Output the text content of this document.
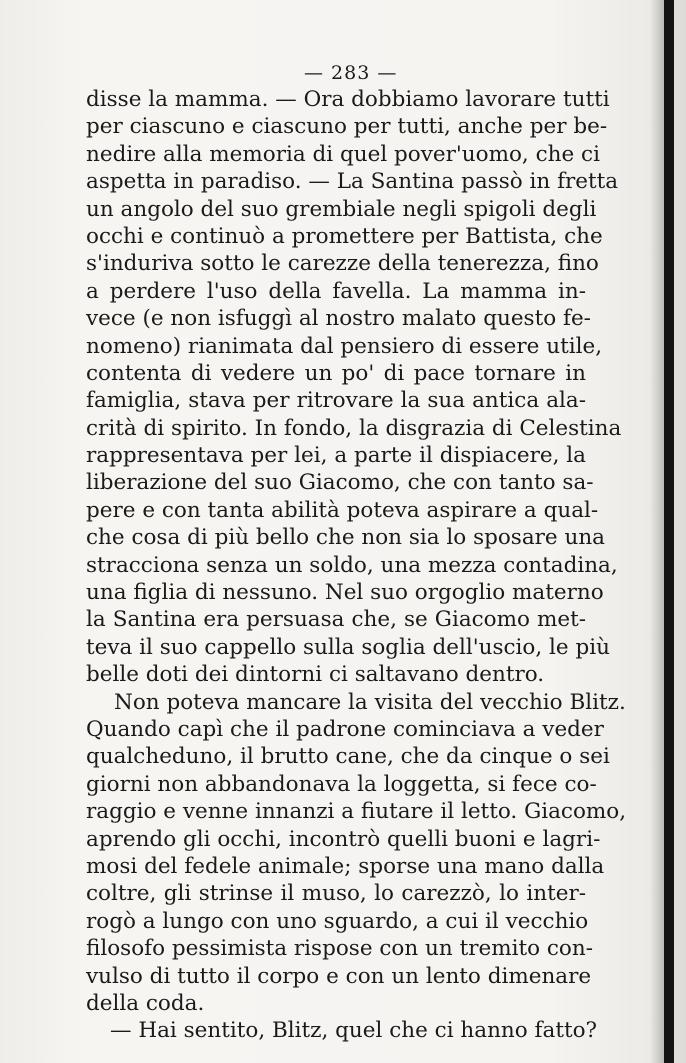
— 283 —
disse la mamma. — Ora dobbiamo lavorare tutti
per ciascuno e ciascuno per tutti, anche per be-
nedire alla memoria di quel pover'uomo, che ci
aspetta in paradiso. — La Santina passò in fretta
un angolo del suo grembiale negli spigoli degli
occhi e continuò a promettere per Battista, che
s'induriva sotto le carezze della tenerezza, fino
a perdere l'uso della favella. La mamma in-
vece (e non isfuggì al nostro malato questo fe-
nomeno) rianimata dal pensiero di essere utile,
contenta di vedere un po' di pace tornare in
famiglia, stava per ritrovare la sua antica ala-
crità di spirito. In fondo, la disgrazia di Celestina
rappresentava per lei, a parte il dispiacere, la
liberazione del suo Giacomo, che con tanto sa-
pere e con tanta abilità poteva aspirare a qual-
che cosa di più bello che non sia lo sposare una
stracciona senza un soldo, una mezza contadina,
una figlia di nessuno. Nel suo orgoglio materno
la Santina era persuasa che, se Giacomo met-
teva il suo cappello sulla soglia dell'uscio, le più
belle doti dei dintorni ci saltavano dentro.
Non poteva mancare la visita del vecchio Blitz.
Quando capì che il padrone cominciava a veder
qualcheduno, il brutto cane, che da cinque o sei
giorni non abbandonava la loggetta, si fece co-
raggio e venne innanzi a fiutare il letto. Giacomo,
aprendo gli occhi, incontrò quelli buoni e lagri-
mosi del fedele animale; sporse una mano dalla
coltre, gli strinse il muso, lo carezzò, lo inter-
rogò a lungo con uno sguardo, a cui il vecchio
filosofo pessimista rispose con un tremito con-
vulso di tutto il corpo e con un lento dimenare
della coda.
— Hai sentito, Blitz, quel che ci hanno fatto?
